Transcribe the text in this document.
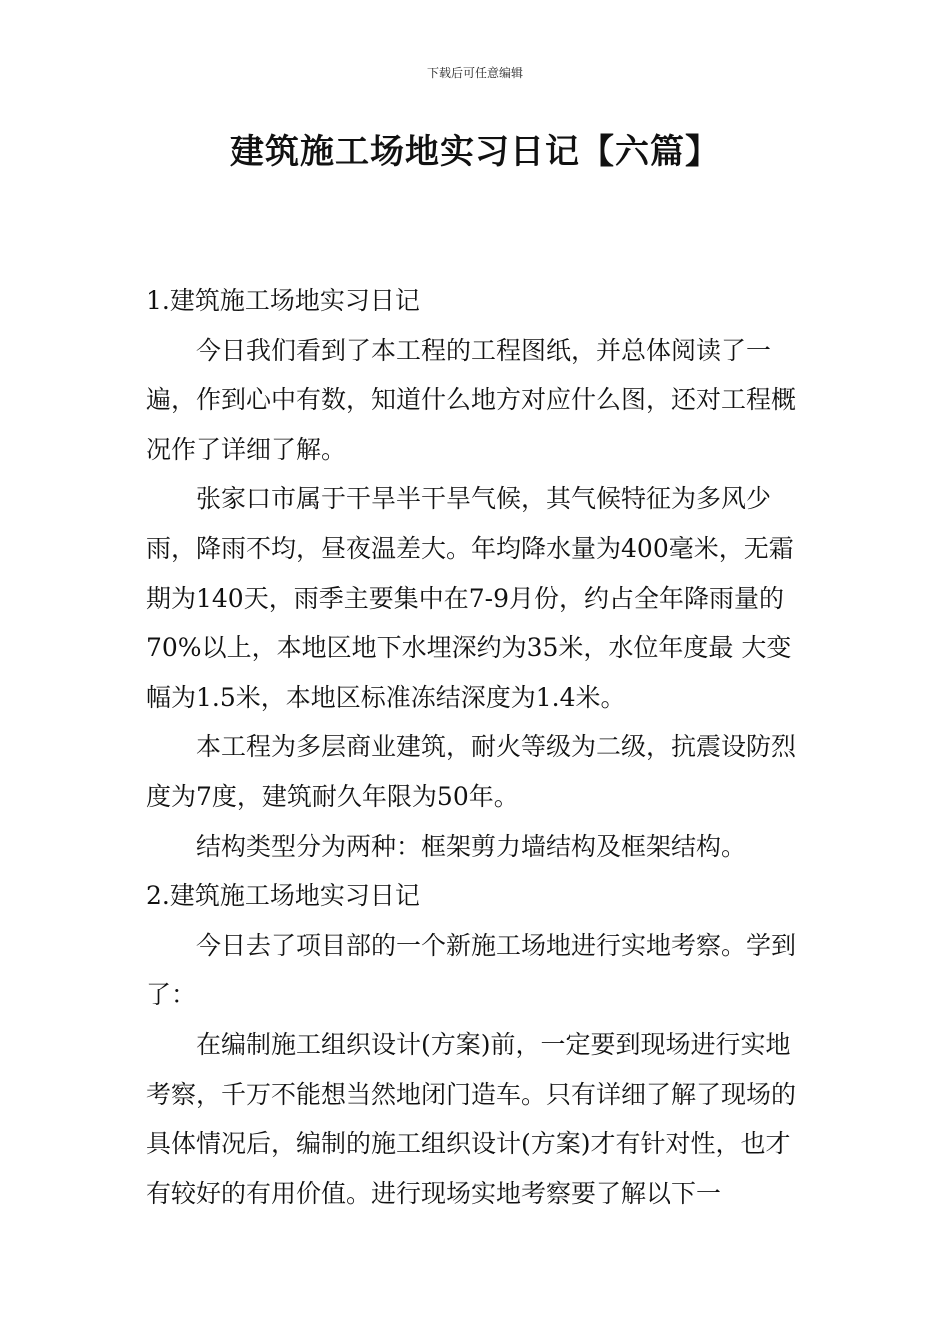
下载后可任意编辑
建筑施工场地实习日记【六篇】

1.建筑施工场地实习日记

今日我们看到了本工程的工程图纸，并总体阅读了一遍，作到心中有数，知道什么地方对应什么图，还对工程概况作了详细了解。

张家口市属于干旱半干旱气候，其气候特征为多风少雨，降雨不均，昼夜温差大。年均降水量为400毫米，无霜期为140天，雨季主要集中在7-9月份，约占全年降雨量的70%以上，本地区地下水埋深约为35米，水位年度最 大变幅为1.5米，本地区标准冻结深度为1.4米。

本工程为多层商业建筑，耐火等级为二级，抗震设防烈度为7度，建筑耐久年限为50年。

结构类型分为两种：框架剪力墙结构及框架结构。

2.建筑施工场地实习日记

今日去了项目部的一个新施工场地进行实地考察。学到了：

在编制施工组织设计(方案)前，一定要到现场进行实地考察，千万不能想当然地闭门造车。只有详细了解了现场的具体情况后，编制的施工组织设计(方案)才有针对性，也才有较好的有用价值。进行现场实地考察要了解以下一
